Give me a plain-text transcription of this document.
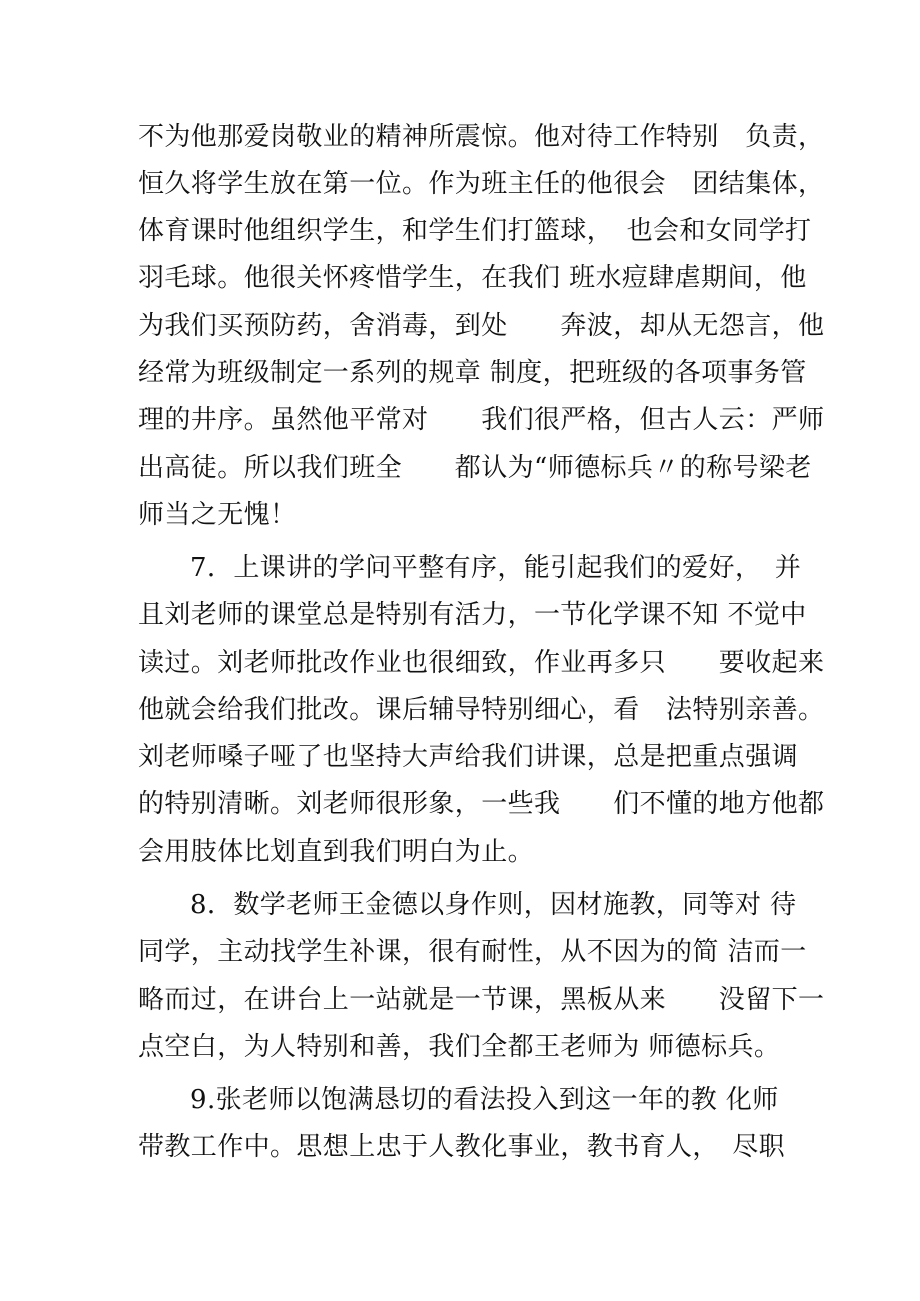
不为他那爱岗敬业的精神所震惊。他对待工作特别　负责，
恒久将学生放在第一位。作为班主任的他很会　团结集体，
体育课时他组织学生，和学生们打篮球，　也会和女同学打
羽毛球。他很关怀疼惜学生，在我们 班水痘肆虐期间，他
为我们买预防药，舍消毒，到处　　奔波，却从无怨言，他
经常为班级制定一系列的规章 制度，把班级的各项事务管
理的井序。虽然他平常对　　我们很严格，但古人云：严师
出高徒。所以我们班全　　都认为“师德标兵〃的称号梁老
师当之无愧！
7．上课讲的学问平整有序，能引起我们的爱好，　并
且刘老师的课堂总是特别有活力，一节化学课不知 不觉中
读过。刘老师批改作业也很细致，作业再多只　　要收起来
他就会给我们批改。课后辅导特别细心，看　法特别亲善。
刘老师嗓子哑了也坚持大声给我们讲课，总是把重点强调
的特别清晰。刘老师很形象，一些我　　们不懂的地方他都
会用肢体比划直到我们明白为止。
8．数学老师王金德以身作则，因材施教，同等对 待
同学，主动找学生补课，很有耐性，从不因为的简 洁而一
略而过，在讲台上一站就是一节课，黑板从来　　没留下一
点空白，为人特别和善，我们全都王老师为 师德标兵。
9.张老师以饱满恳切的看法投入到这一年的教 化师
带教工作中。思想上忠于人教化事业，教书育人，　尽职
